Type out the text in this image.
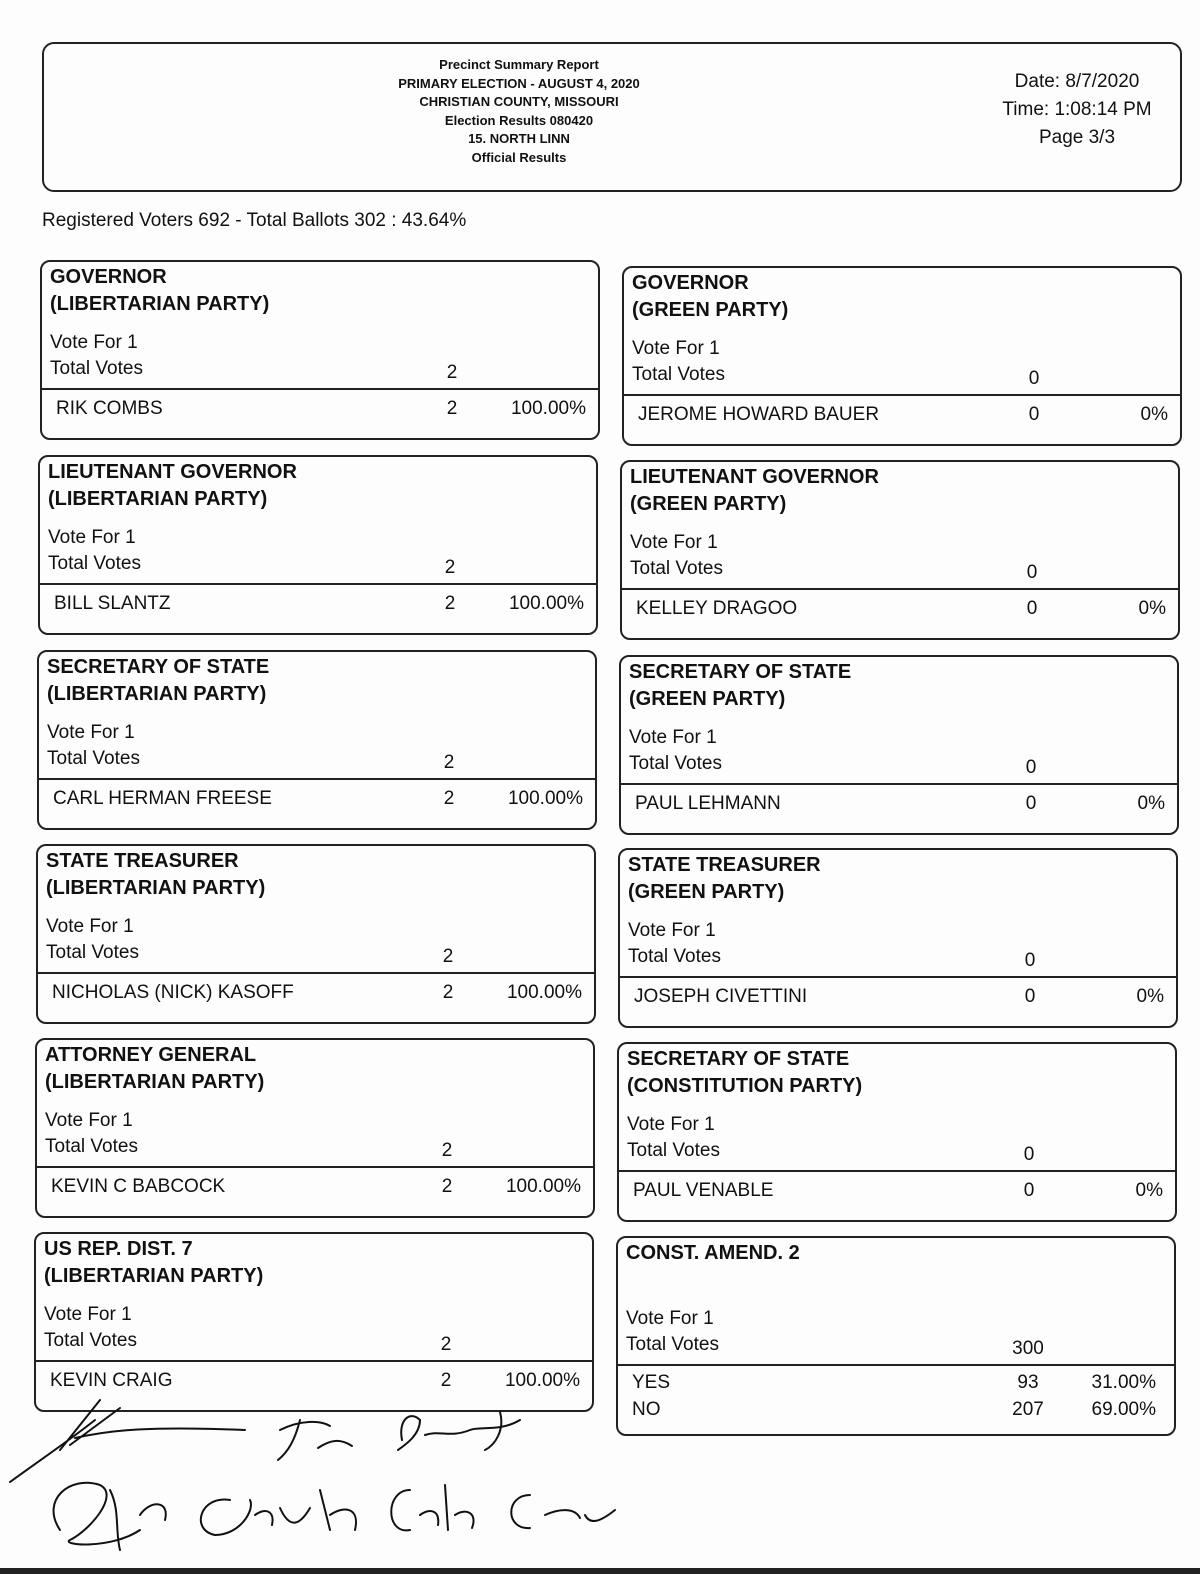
Precinct Summary Report
PRIMARY ELECTION - AUGUST 4, 2020
CHRISTIAN COUNTY, MISSOURI
Election Results 080420
15. NORTH LINN
Official Results
Date: 8/7/2020
Time: 1:08:14 PM
Page 3/3
Registered Voters 692 - Total Ballots 302 : 43.64%
GOVERNOR
(LIBERTARIAN PARTY)
Vote For 1
Total Votes	2
RIK COMBS	2	100.00%
GOVERNOR
(GREEN PARTY)
Vote For 1
Total Votes	0
JEROME HOWARD BAUER	0	0%
LIEUTENANT GOVERNOR
(LIBERTARIAN PARTY)
Vote For 1
Total Votes	2
BILL SLANTZ	2	100.00%
LIEUTENANT GOVERNOR
(GREEN PARTY)
Vote For 1
Total Votes	0
KELLEY DRAGOO	0	0%
SECRETARY OF STATE
(LIBERTARIAN PARTY)
Vote For 1
Total Votes	2
CARL HERMAN FREESE	2	100.00%
SECRETARY OF STATE
(GREEN PARTY)
Vote For 1
Total Votes	0
PAUL LEHMANN	0	0%
STATE TREASURER
(LIBERTARIAN PARTY)
Vote For 1
Total Votes	2
NICHOLAS (NICK) KASOFF	2	100.00%
STATE TREASURER
(GREEN PARTY)
Vote For 1
Total Votes	0
JOSEPH CIVETTINI	0	0%
ATTORNEY GENERAL
(LIBERTARIAN PARTY)
Vote For 1
Total Votes	2
KEVIN C BABCOCK	2	100.00%
SECRETARY OF STATE
(CONSTITUTION PARTY)
Vote For 1
Total Votes	0
PAUL VENABLE	0	0%
US REP. DIST. 7
(LIBERTARIAN PARTY)
Vote For 1
Total Votes	2
KEVIN CRAIG	2	100.00%
CONST. AMEND. 2
Vote For 1
Total Votes	300
YES	93	31.00%
NO	207	69.00%
